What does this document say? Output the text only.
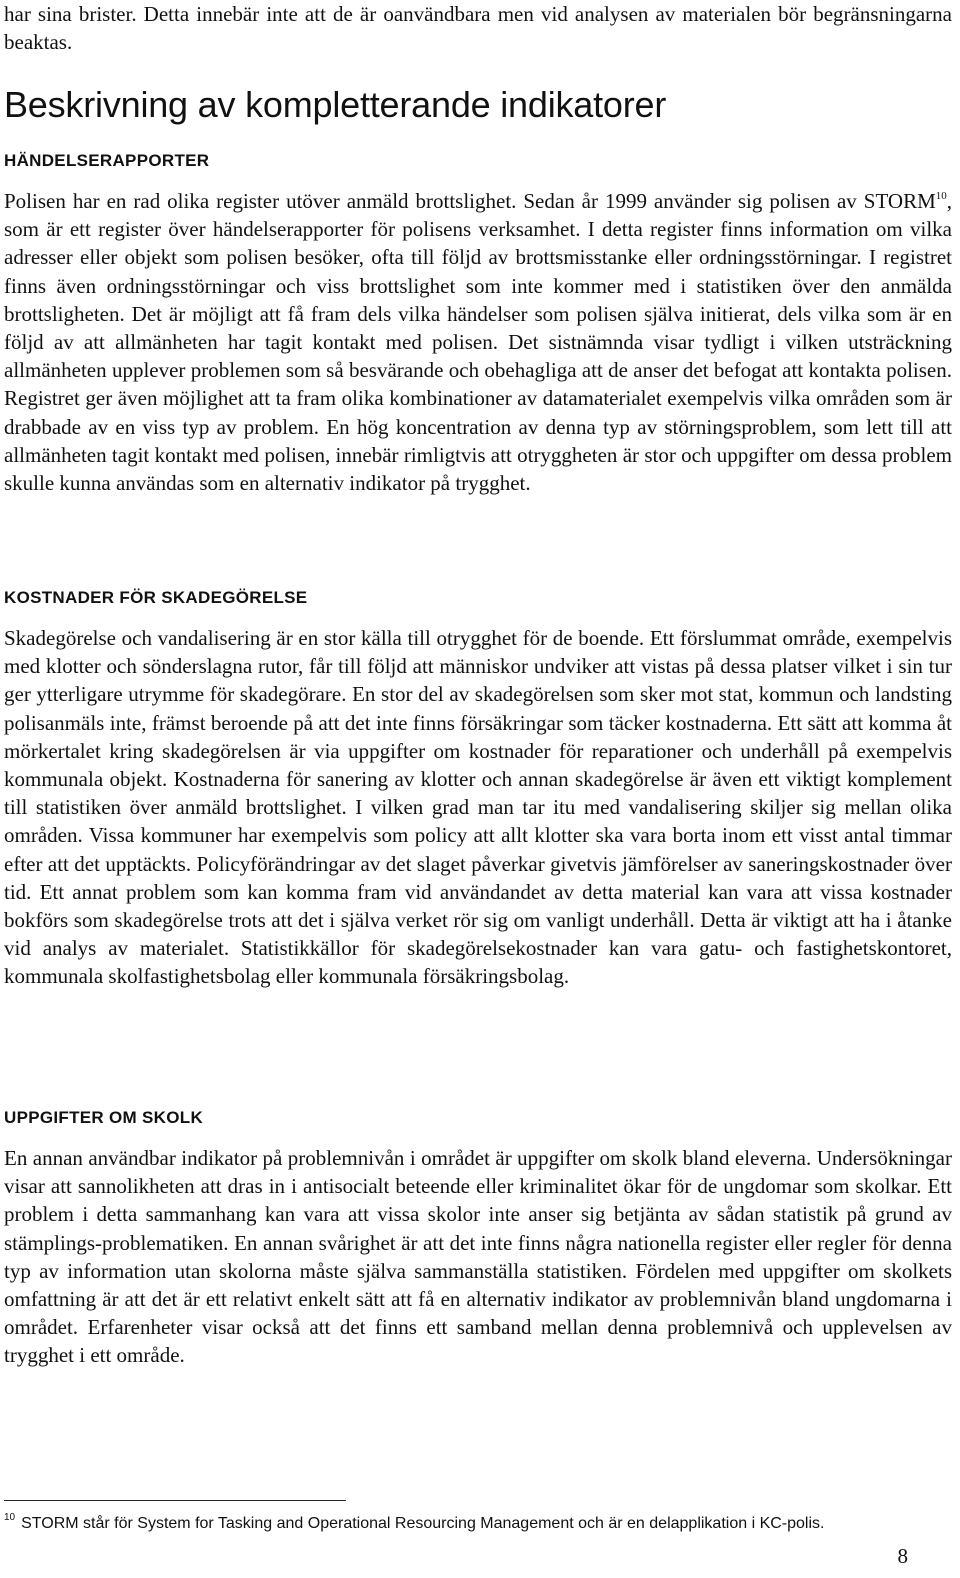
har sina brister. Detta innebär inte att de är oanvändbara men vid analysen av materialen bör begränsningarna beaktas.

Beskrivning av kompletterande indikatorer
HÄNDELSERAPPORTER

Polisen har en rad olika register utöver anmäld brottslighet. Sedan år 1999 använder sig polisen av STORM$^{10}$, som är ett register över händelserapporter för polisens verksamhet. I detta register finns information om vilka adresser eller objekt som polisen besöker, ofta till följd av brottsmisstanke eller ordningsstörningar. I registret finns även ordningsstörningar och viss brottslighet som inte kommer med i statistiken över den anmälda brottsligheten. Det är möjligt att få fram dels vilka händelser som polisen själva initierat, dels vilka som är en följd av att allmänheten har tagit kontakt med polisen. Det sistnämnda visar tydligt i vilken utsträckning allmänheten upplever problemen som så besvärande och obehagliga att de anser det befogat att kontakta polisen. Registret ger även möjlighet att ta fram olika kombinationer av datamaterialet exempelvis vilka områden som är drabbade av en viss typ av problem. En hög koncentration av denna typ av störningsproblem, som lett till att allmänheten tagit kontakt med polisen, innebär rimligtvis att otryggheten är stor och uppgifter om dessa problem skulle kunna användas som en alternativ indikator på trygghet.

KOSTNADER FÖR SKADEGÖRELSE

Skadegörelse och vandalisering är en stor källa till otrygghet för de boende. Ett förslummat område, exempelvis med klotter och sönderslagna rutor, får till följd att människor undviker att vistas på dessa platser vilket i sin tur ger ytterligare utrymme för skadegörare. En stor del av skadegörelsen som sker mot stat, kommun och landsting polisanmäls inte, främst beroende på att det inte finns försäkringar som täcker kostnaderna. Ett sätt att komma åt mörkertalet kring skadegörelsen är via uppgifter om kostnader för reparationer och underhåll på exempelvis kommunala objekt. Kostnaderna för sanering av klotter och annan skadegörelse är även ett viktigt komplement till statistiken över anmäld brottslighet. I vilken grad man tar itu med vandalisering skiljer sig mellan olika områden. Vissa kommuner har exempelvis som policy att allt klotter ska vara borta inom ett visst antal timmar efter att det upptäckts. Policyförändringar av det slaget påverkar givetvis jämförelser av saneringskostnader över tid. Ett annat problem som kan komma fram vid användandet av detta material kan vara att vissa kostnader bokförs som skadegörelse trots att det i själva verket rör sig om vanligt underhåll. Detta är viktigt att ha i åtanke vid analys av materialet. Statistikkällor för skadegörelsekostnader kan vara gatu- och fastighetskontoret, kommunala skolfastighetsbolag eller kommunala försäkringsbolag.

UPPGIFTER OM SKOLK

En annan användbar indikator på problemnivån i området är uppgifter om skolk bland eleverna. Undersökningar visar att sannolikheten att dras in i antisocialt beteende eller kriminalitet ökar för de ungdomar som skolkar. Ett problem i detta sammanhang kan vara att vissa skolor inte anser sig betjänta av sådan statistik på grund av stämplings-problematiken. En annan svårighet är att det inte finns några nationella register eller regler för denna typ av information utan skolorna måste själva sammanställa statistiken. Fördelen med uppgifter om skolkets omfattning är att det är ett relativt enkelt sätt att få en alternativ indikator av problemnivån bland ungdomarna i området. Erfarenheter visar också att det finns ett samband mellan denna problemnivå och upplevelsen av trygghet i ett område.

$^{10}$ STORM står för System for Tasking and Operational Resourcing Management och är en delapplikation i KC-polis.

8
